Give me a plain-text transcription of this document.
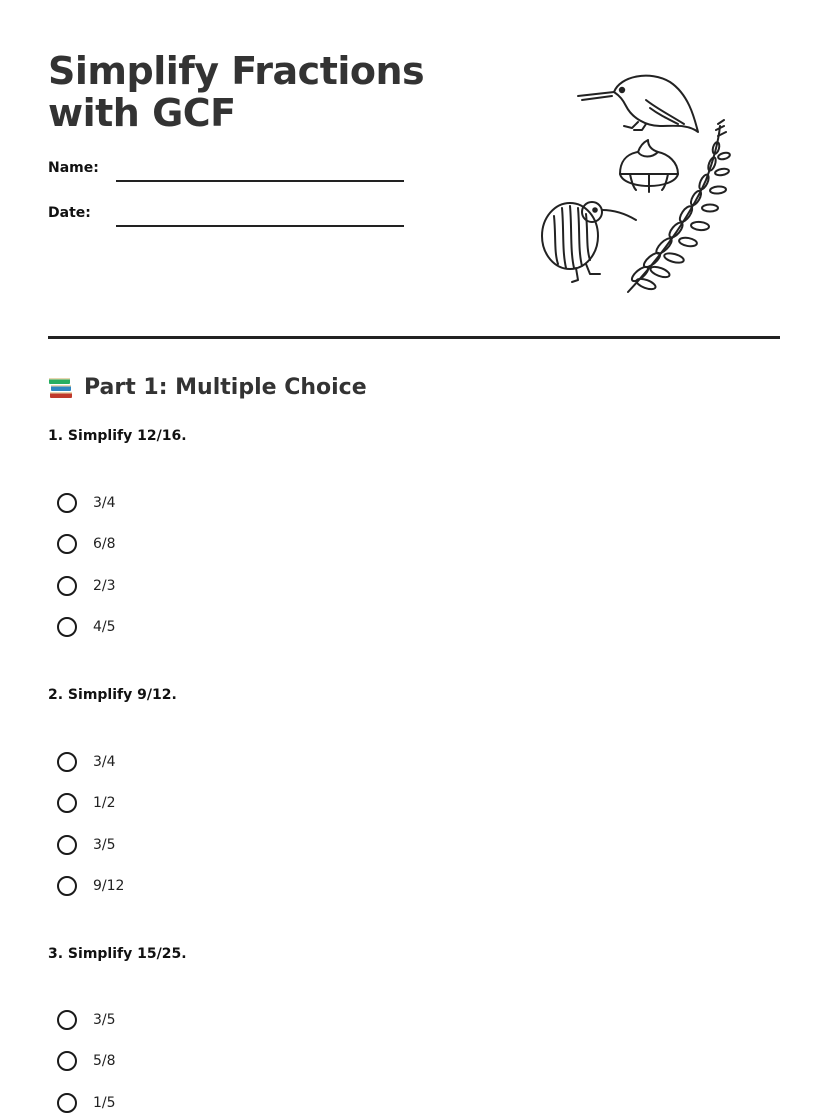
Simplify Fractions with GCF
Name:
Date:
Part 1: Multiple Choice

1. Simplify 12/16.

3/4
6/8
2/3
4/5

2. Simplify 9/12.

3/4
1/2
3/5
9/12

3. Simplify 15/25.

3/5
5/8
1/5
